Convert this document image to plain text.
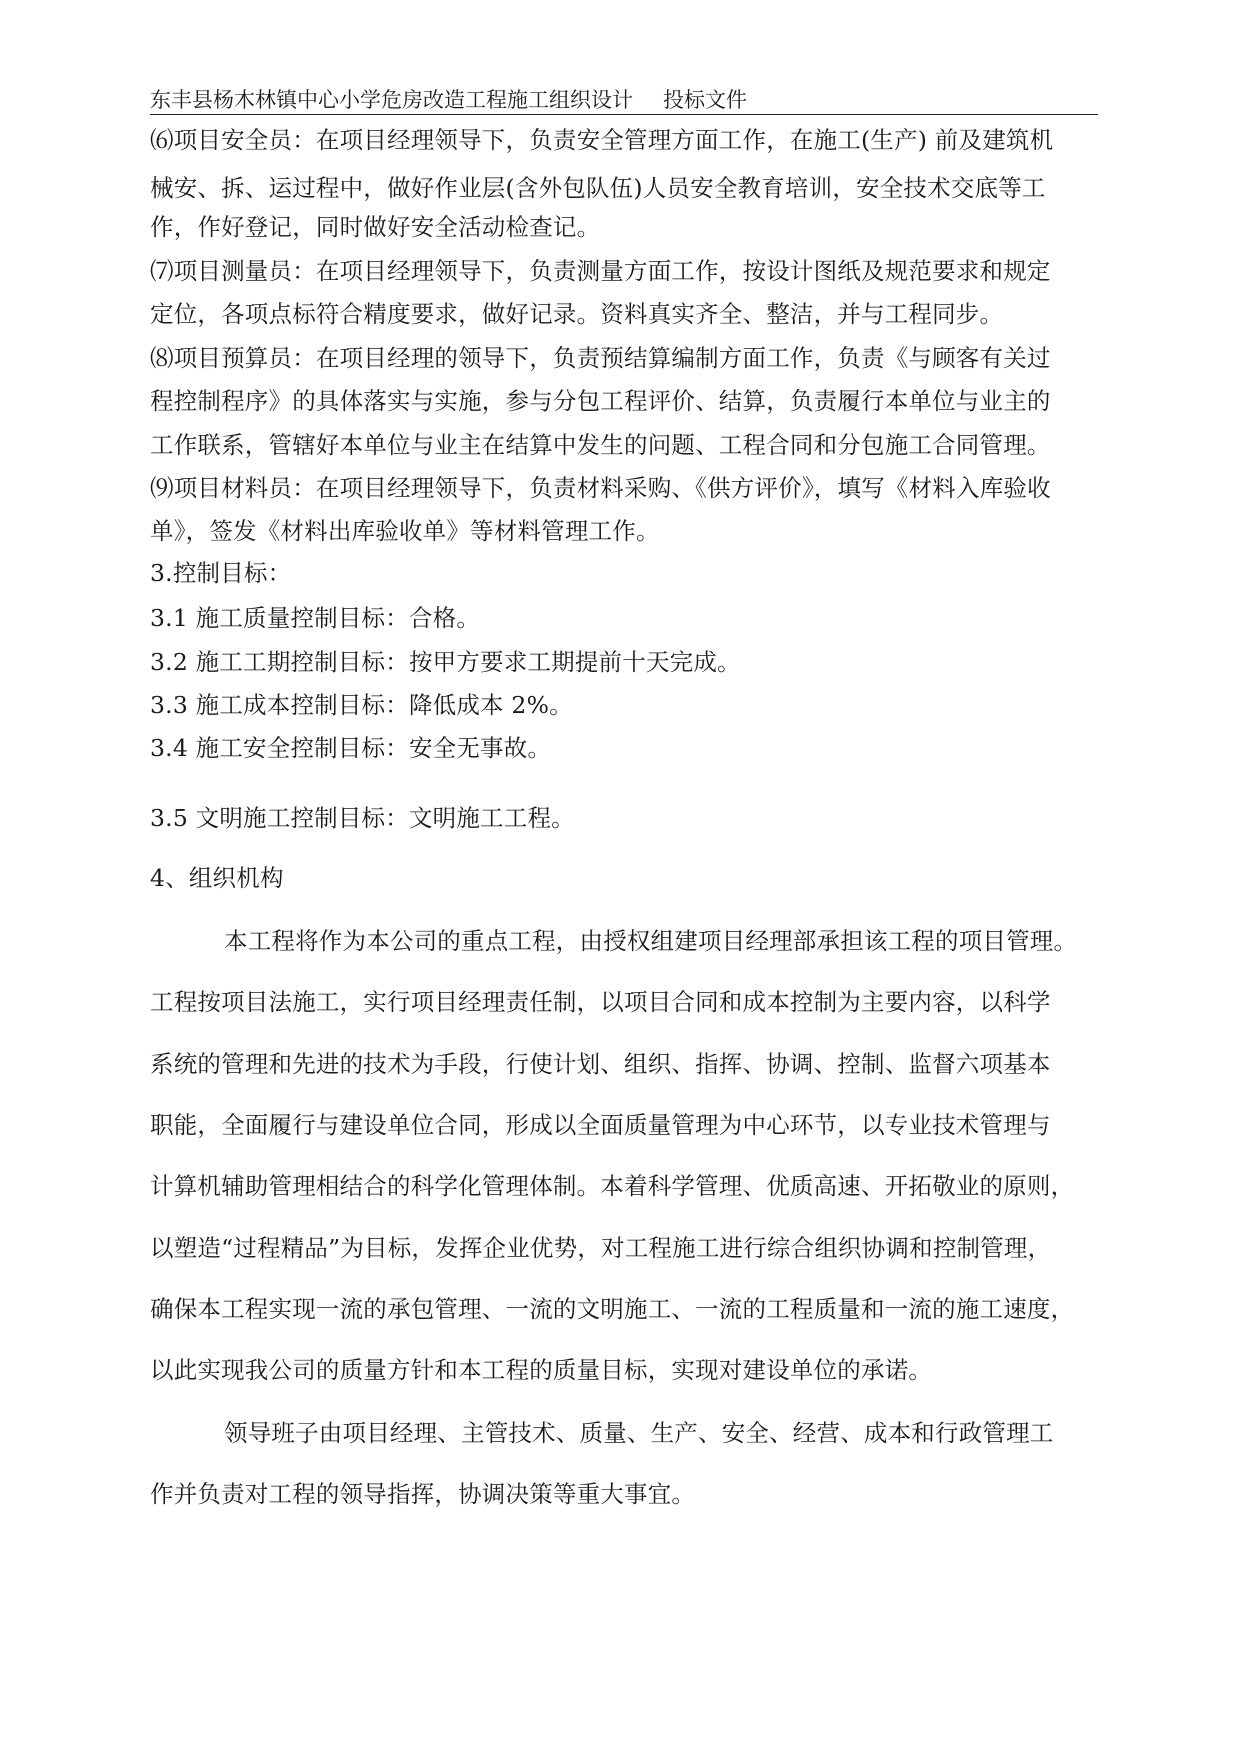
东丰县杨木林镇中心小学危房改造工程施工组织设计 投标文件
⑹项目安全员：在项目经理领导下，负责安全管理方面工作，在施工(生产) 前及建筑机
械安、拆、运过程中，做好作业层(含外包队伍)人员安全教育培训，安全技术交底等工
作，作好登记，同时做好安全活动检查记。
⑺项目测量员：在项目经理领导下，负责测量方面工作，按设计图纸及规范要求和规定
定位，各项点标符合精度要求，做好记录。资料真实齐全、整洁，并与工程同步。
⑻项目预算员：在项目经理的领导下，负责预结算编制方面工作，负责《与顾客有关过
程控制程序》的具体落实与实施，参与分包工程评价、结算，负责履行本单位与业主的
工作联系，管辖好本单位与业主在结算中发生的问题、工程合同和分包施工合同管理。
⑼项目材料员：在项目经理领导下，负责材料采购、《供方评价》，填写《材料入库验收
单》，签发《材料出库验收单》等材料管理工作。
3.控制目标：
3.1 施工质量控制目标：合格。
3.2 施工工期控制目标：按甲方要求工期提前十天完成。
3.3 施工成本控制目标：降低成本 2%。
3.4 施工安全控制目标：安全无事故。
3.5 文明施工控制目标：文明施工工程。
4、组织机构
本工程将作为本公司的重点工程，由授权组建项目经理部承担该工程的项目管理。
工程按项目法施工，实行项目经理责任制，以项目合同和成本控制为主要内容，以科学
系统的管理和先进的技术为手段，行使计划、组织、指挥、协调、控制、监督六项基本
职能，全面履行与建设单位合同，形成以全面质量管理为中心环节，以专业技术管理与
计算机辅助管理相结合的科学化管理体制。本着科学管理、优质高速、开拓敬业的原则，
以塑造“过程精品”为目标，发挥企业优势，对工程施工进行综合组织协调和控制管理，
确保本工程实现一流的承包管理、一流的文明施工、一流的工程质量和一流的施工速度，
以此实现我公司的质量方针和本工程的质量目标，实现对建设单位的承诺。
领导班子由项目经理、主管技术、质量、生产、安全、经营、成本和行政管理工
作并负责对工程的领导指挥，协调决策等重大事宜。
